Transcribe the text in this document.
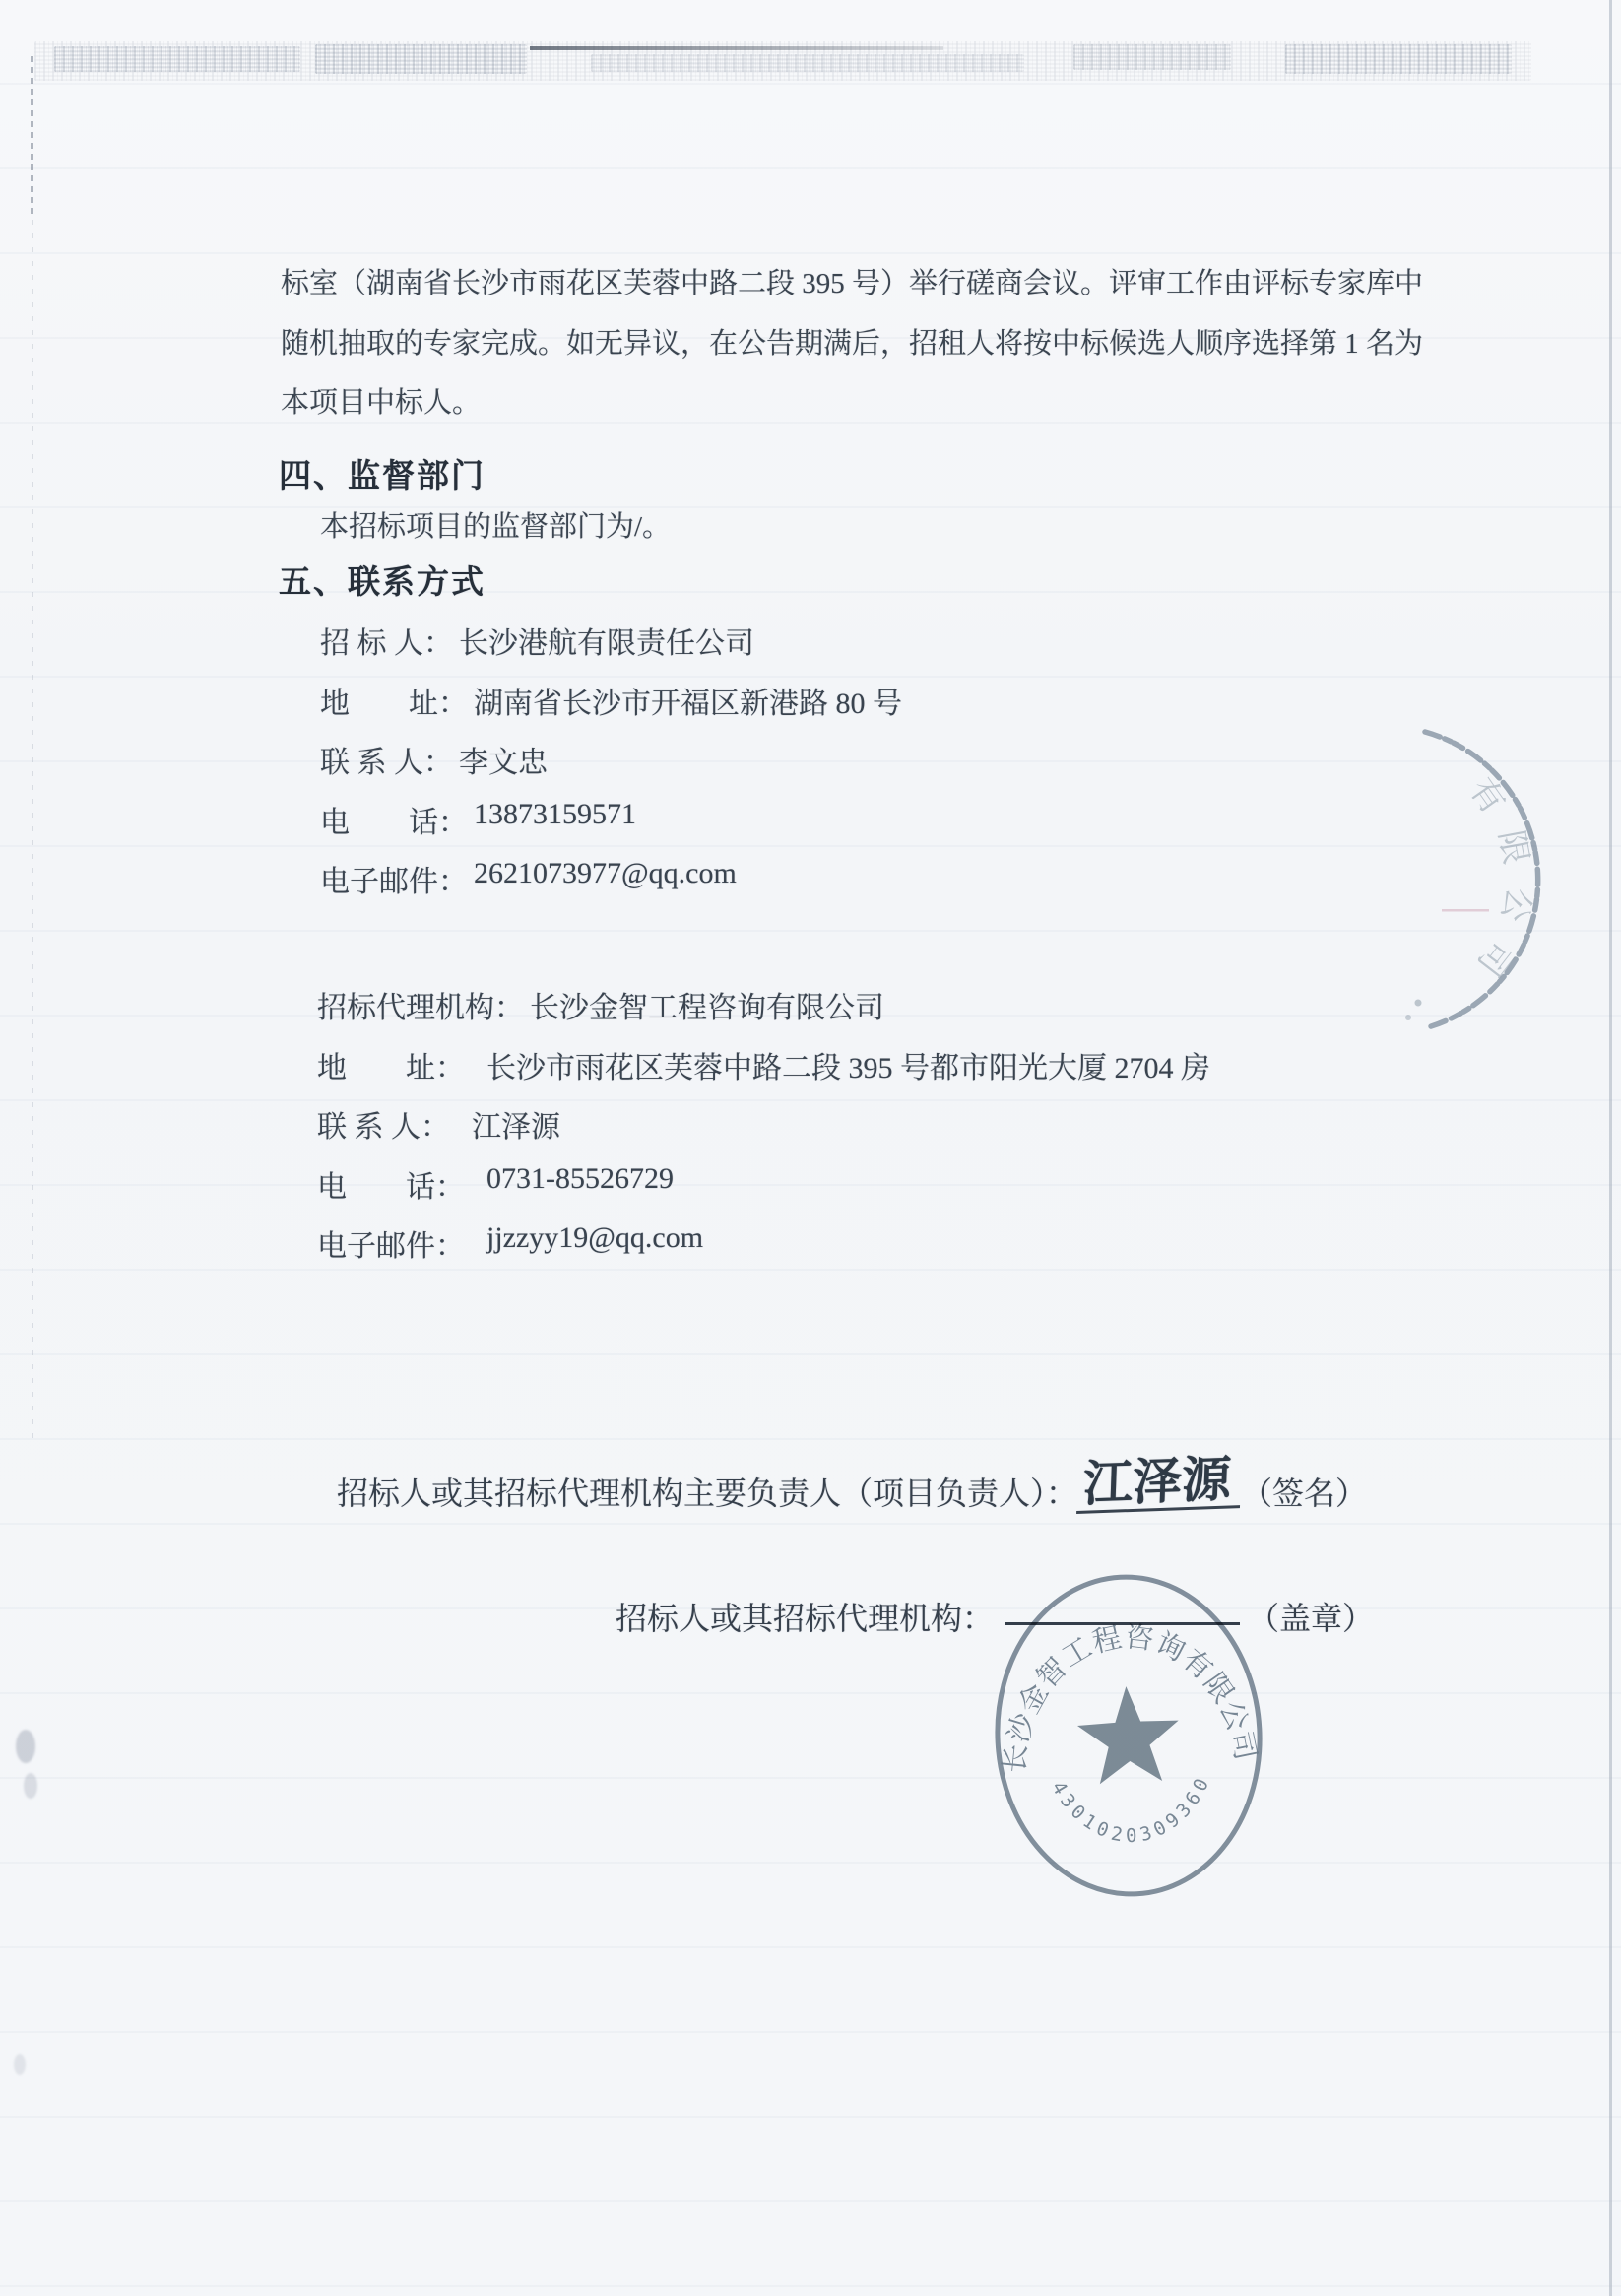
标室（湖南省长沙市雨花区芙蓉中路二段 395 号）举行磋商会议。评审工作由评标专家库中
随机抽取的专家完成。如无异议，在公告期满后，招租人将按中标候选人顺序选择第 1 名为
本项目中标人。
四、监督部门
本招标项目的监督部门为/。
五、联系方式
招 标 人： 长沙港航有限责任公司
地　　址： 湖南省长沙市开福区新港路 80 号
联 系 人： 李文忠
电　　话： 13873159571
电子邮件： 2621073977@qq.com
招标代理机构： 长沙金智工程咨询有限公司
地　　址： 长沙市雨花区芙蓉中路二段 395 号都市阳光大厦 2704 房
联 系 人： 江泽源
电　　话： 0731-85526729
电子邮件： jjzzyy19@qq.com
招标人或其招标代理机构主要负责人（项目负责人）： 江泽源 （签名）
招标人或其招标代理机构：	（盖章）
长沙金智工程咨询有限公司
4301020309360
有限公司
